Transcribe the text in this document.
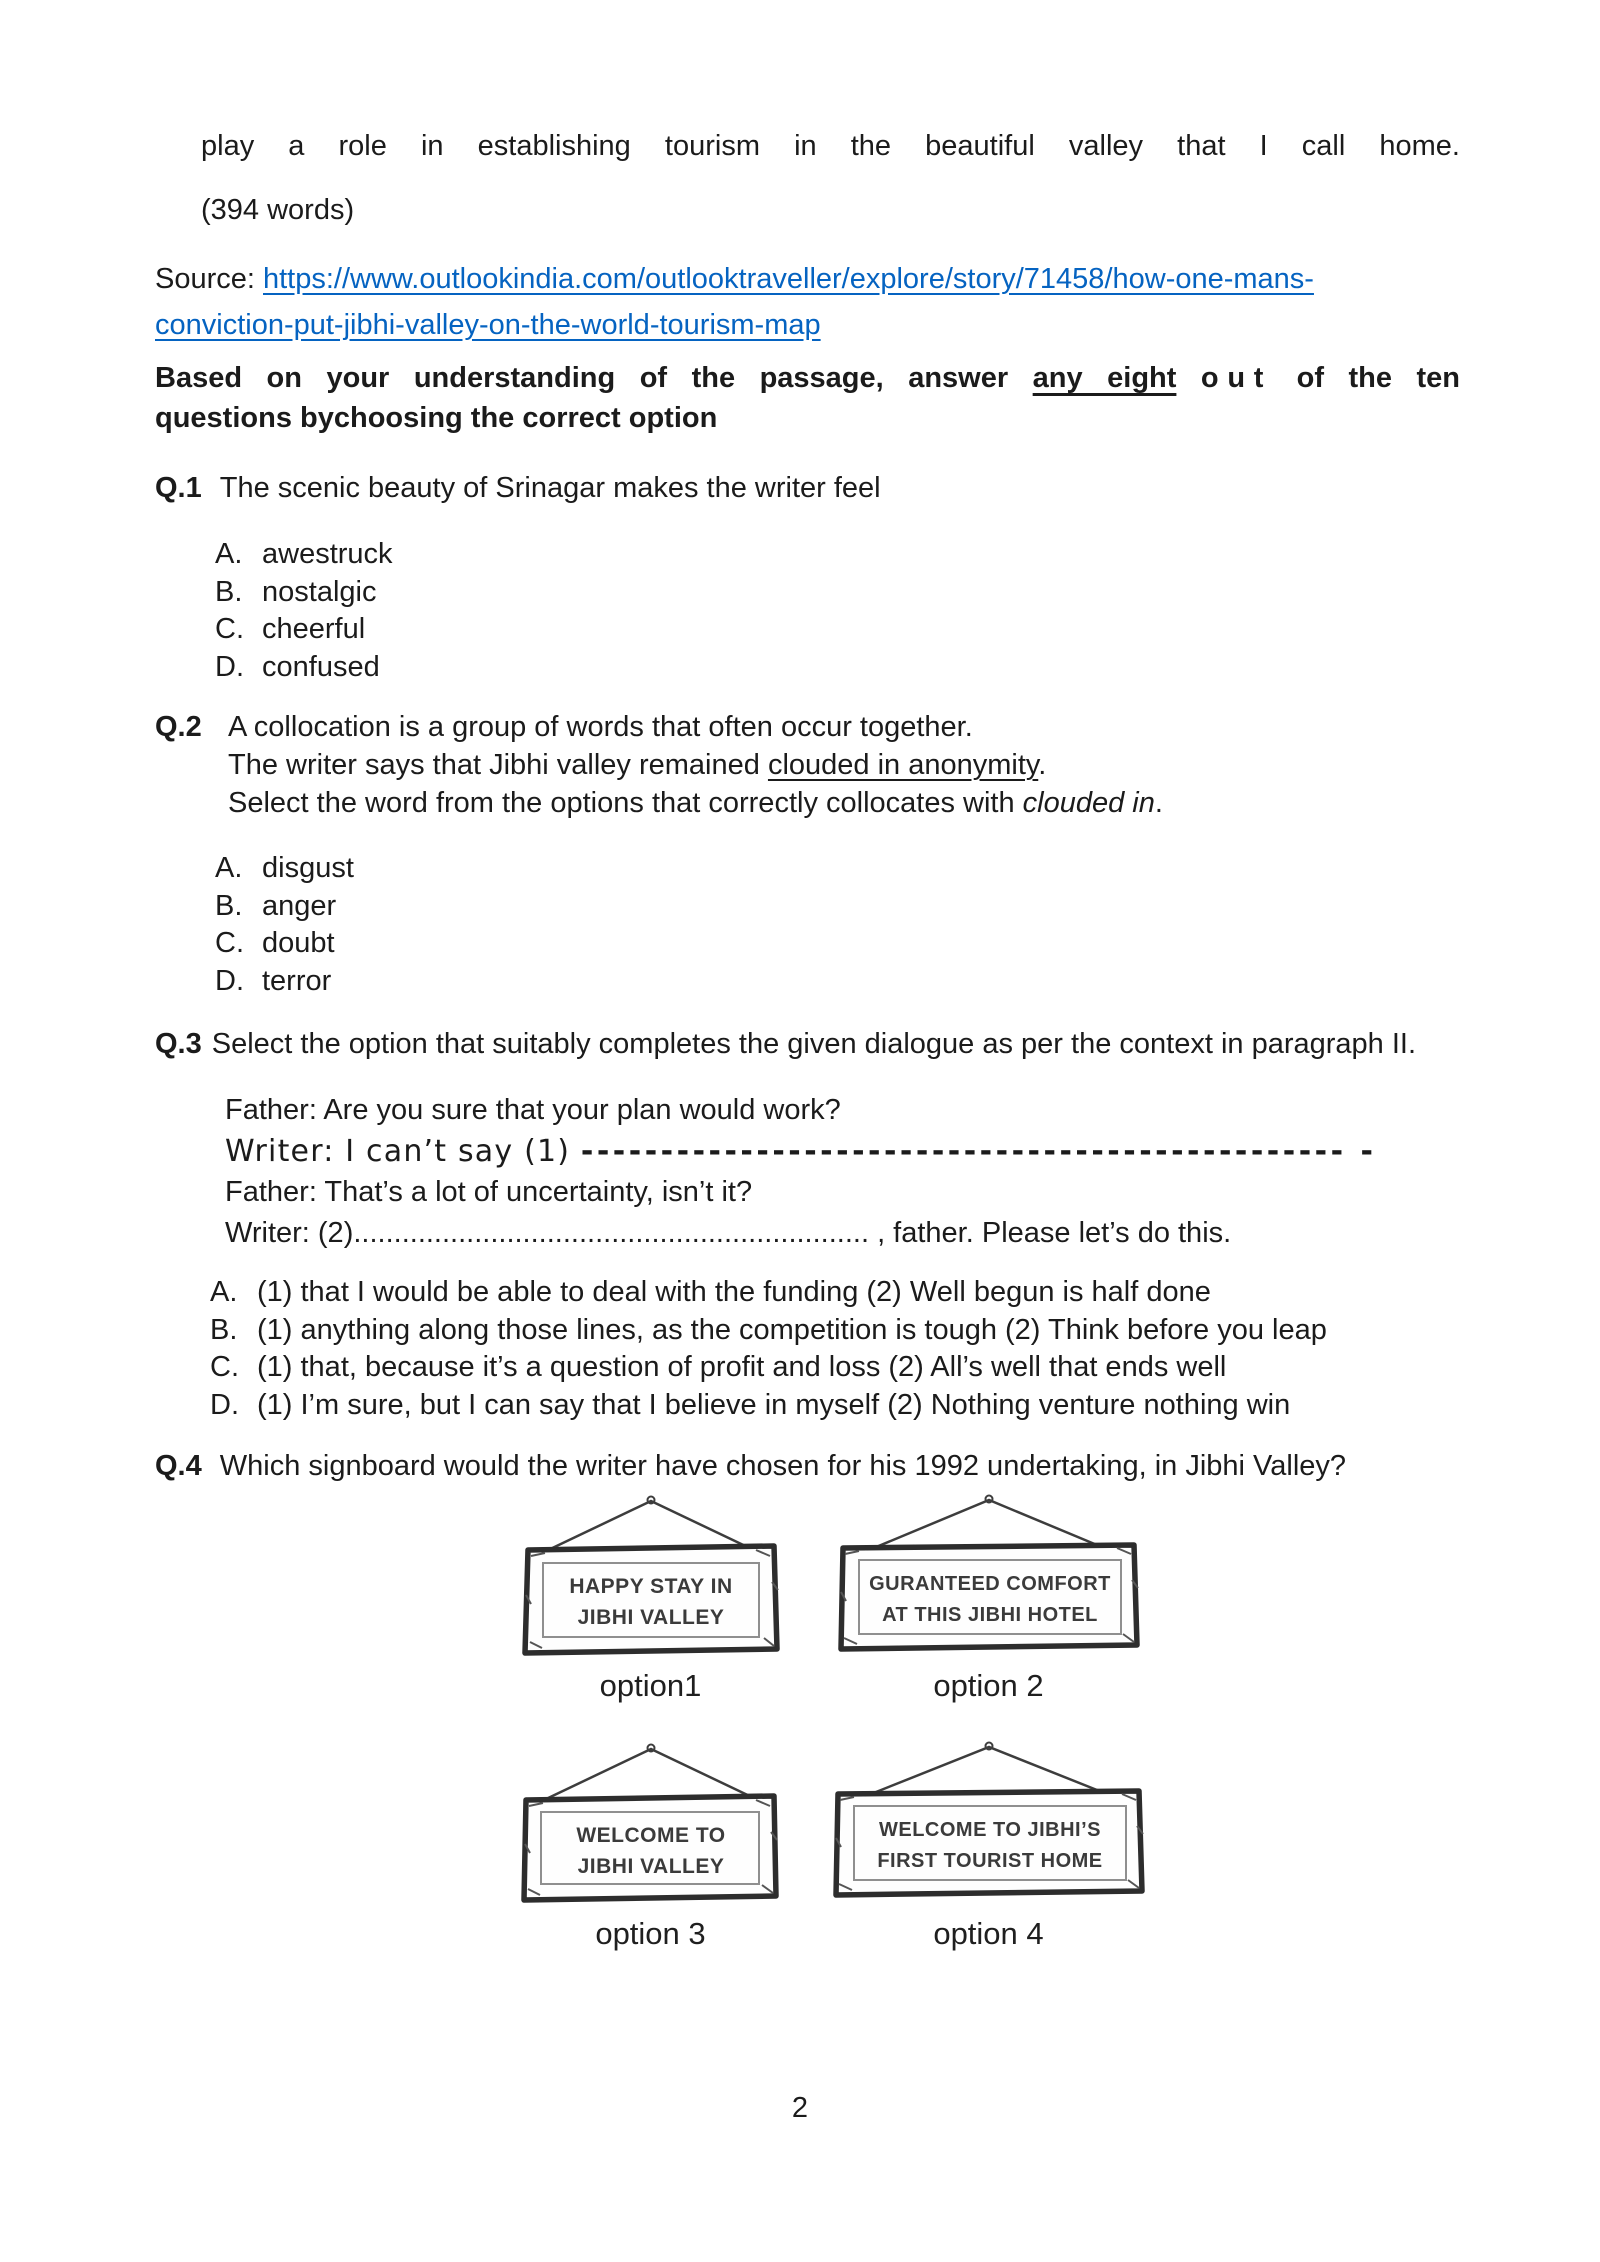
play a role in establishing tourism in the beautiful valley that I call home.
(394 words)
Source: https://www.outlookindia.com/outlooktraveller/explore/story/71458/how-one-mans-
conviction-put-jibhi-valley-on-the-world-tourism-map
Based on your understanding of the passage, answer any eight out of the ten
questions bychoosing the correct option
Q.1 The scenic beauty of Srinagar makes the writer feel
A. awestruck
B. nostalgic
C. cheerful
D. confused
Q.2 A collocation is a group of words that often occur together.
The writer says that Jibhi valley remained clouded in anonymity.
Select the word from the options that correctly collocates with clouded in.
A. disgust
B. anger
C. doubt
D. terror
Q.3 Select the option that suitably completes the given dialogue as per the context in paragraph II.
Father: Are you sure that your plan would work?
Writer: I can’t say (1) ------------------------------------------------ -
Father: That’s a lot of uncertainty, isn’t it?
Writer: (2)................................................................ , father. Please let’s do this.
A. (1) that I would be able to deal with the funding (2) Well begun is half done
B. (1) anything along those lines, as the competition is tough (2) Think before you leap
C. (1) that, because it’s a question of profit and loss (2) All’s well that ends well
D. (1) I’m sure, but I can say that I believe in myself (2) Nothing venture nothing win
Q.4 Which signboard would the writer have chosen for his 1992 undertaking, in Jibhi Valley?
HAPPY STAY IN
JIBHI VALLEY
option1
GURANTEED COMFORT
AT THIS JIBHI HOTEL
option 2
WELCOME TO
JIBHI VALLEY
option 3
WELCOME TO JIBHI’S
FIRST TOURIST HOME
option 4
2
